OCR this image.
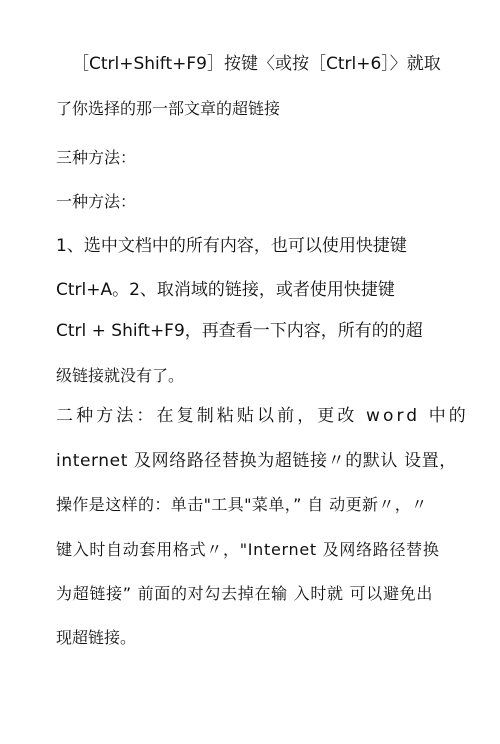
［Ctrl+Shift+F9］按键〈或按［Ctrl+6］〉就取
了你选择的那一部文章的超链接
三种方法：
一种方法：
1、选中文档中的所有内容，也可以使用快捷键
Ctrl+A。2、取消域的链接，或者使用快捷键
Ctrl + Shift+F9，再查看一下内容，所有的的超
级链接就没有了。
二种方法：在复制粘贴以前，更改 word 中的
internet 及网络路径替换为超链接〃的默认 设置，
操作是这样的：单击"工具"菜单，” 自 动更新〃，〃
键入时自动套用格式〃，"Internet 及网络路径替换
为超链接” 前面的对勾去掉在输 入时就 可以避免出
现超链接。
